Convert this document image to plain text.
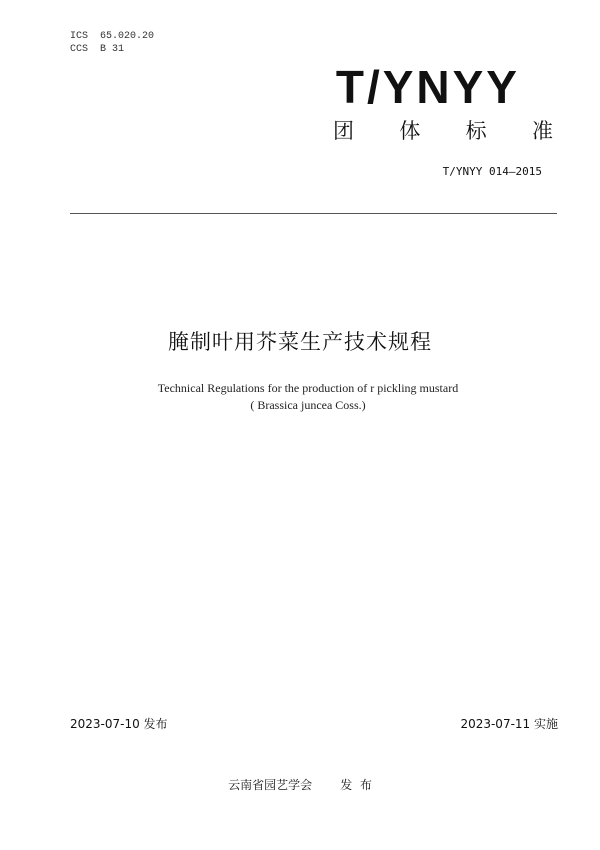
ICS  65.020.20
CCS  B 31
T/YNYY
团 体 标 准
T/YNYY 014—2015
腌制叶用芥菜生产技术规程
Technical Regulations for the production of r pickling mustard
( Brassica juncea Coss.)
2023-07-10 发布	2023-07-11 实施
云南省园艺学会 发  布
